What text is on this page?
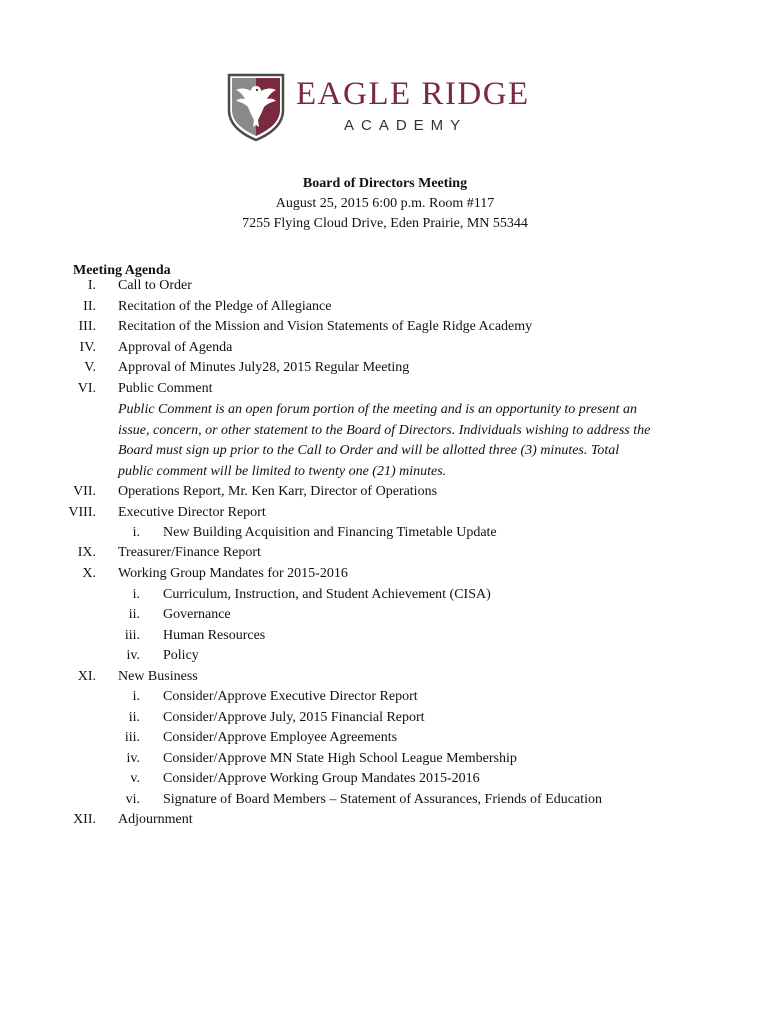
EAGLE RIDGE
ACADEMY
Board of Directors Meeting
August 25, 2015 6:00 p.m. Room #117
7255 Flying Cloud Drive, Eden Prairie, MN 55344
Meeting Agenda
I. Call to Order
II. Recitation of the Pledge of Allegiance
III. Recitation of the Mission and Vision Statements of Eagle Ridge Academy
IV. Approval of Agenda
V. Approval of Minutes July28, 2015 Regular Meeting
VI. Public Comment
Public Comment is an open forum portion of the meeting and is an opportunity to present an
issue, concern, or other statement to the Board of Directors. Individuals wishing to address the
Board must sign up prior to the Call to Order and will be allotted three (3) minutes. Total
public comment will be limited to twenty one (21) minutes.
VII. Operations Report, Mr. Ken Karr, Director of Operations
VIII. Executive Director Report
i. New Building Acquisition and Financing Timetable Update
IX. Treasurer/Finance Report
X. Working Group Mandates for 2015-2016
i. Curriculum, Instruction, and Student Achievement (CISA)
ii. Governance
iii. Human Resources
iv. Policy
XI. New Business
i. Consider/Approve Executive Director Report
ii. Consider/Approve July, 2015 Financial Report
iii. Consider/Approve Employee Agreements
iv. Consider/Approve MN State High School League Membership
v. Consider/Approve Working Group Mandates 2015-2016
vi. Signature of Board Members – Statement of Assurances, Friends of Education
XII. Adjournment
